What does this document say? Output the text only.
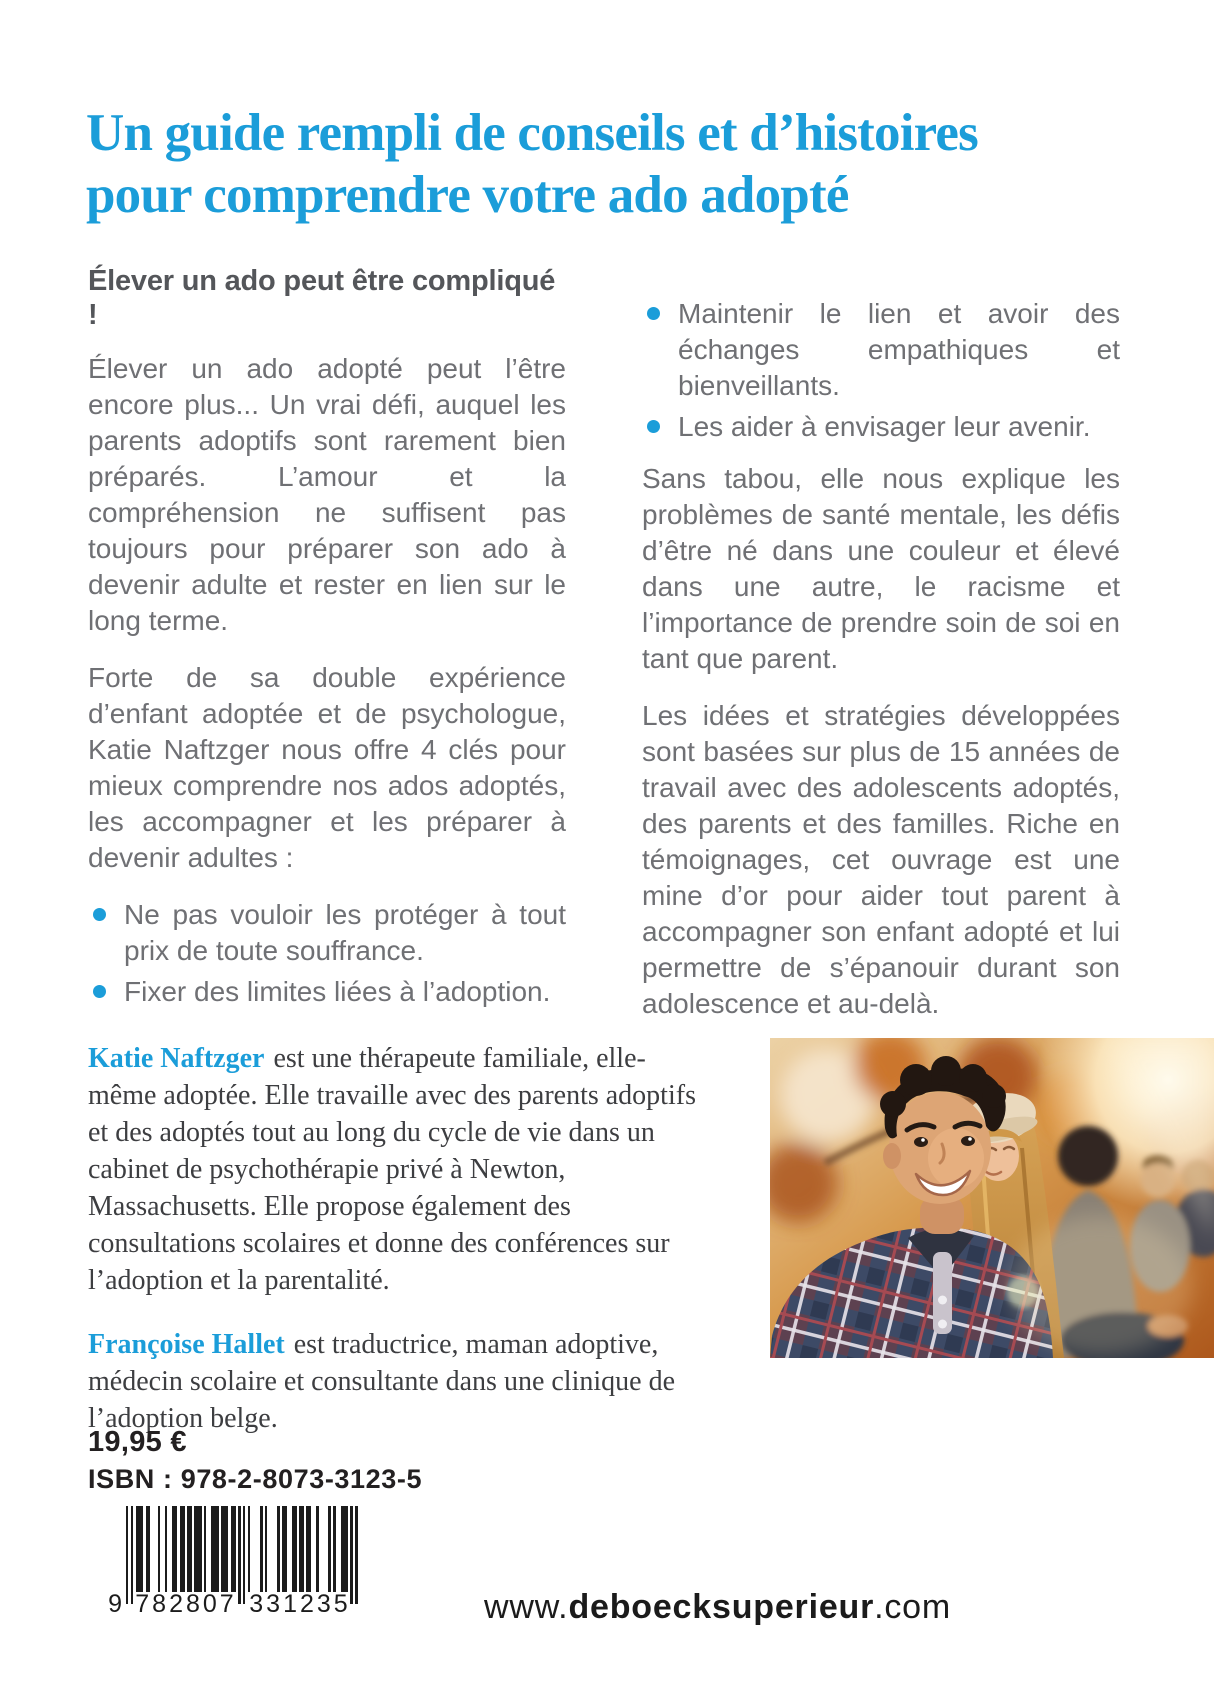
Un guide rempli de conseils et d’histoires
pour comprendre votre ado adopté
Élever un ado peut être compliqué !

Élever un ado adopté peut l’être encore plus... Un vrai défi, auquel les parents adoptifs sont rarement bien préparés. L’amour et la compréhension ne suffisent pas toujours pour préparer son ado à devenir adulte et rester en lien sur le long terme.

Forte de sa double expérience d’enfant adoptée et de psychologue, Katie Naftzger nous offre 4 clés pour mieux comprendre nos ados adoptés, les accompagner et les préparer à devenir adultes :

Ne pas vouloir les protéger à tout prix de toute souffrance.
Fixer des limites liées à l’adoption.
Maintenir le lien et avoir des échanges empathiques et bienveillants.
Les aider à envisager leur avenir.

Sans tabou, elle nous explique les problèmes de santé mentale, les défis d’être né dans une couleur et élevé dans une autre, le racisme et l’importance de prendre soin de soi en tant que parent.

Les idées et stratégies développées sont basées sur plus de 15 années de travail avec des adolescents adoptés, des parents et des familles. Riche en témoignages, cet ouvrage est une mine d’or pour aider tout parent à accompagner son enfant adopté et lui permettre de s’épanouir durant son adolescence et au-delà.

Katie Naftzger est une thérapeute familiale, elle-même adoptée. Elle travaille avec des parents adoptifs et des adoptés tout au long du cycle de vie dans un cabinet de psychothérapie privé à Newton, Massachusetts. Elle propose également des consultations scolaires et donne des conférences sur l’adoption et la parentalité.

Françoise Hallet est traductrice, maman adoptive, médecin scolaire et consultante dans une clinique de l’adoption belge.

19,95 €
ISBN : 978-2-8073-3123-5
9 782807 331235	www.deboecksuperieur.com
